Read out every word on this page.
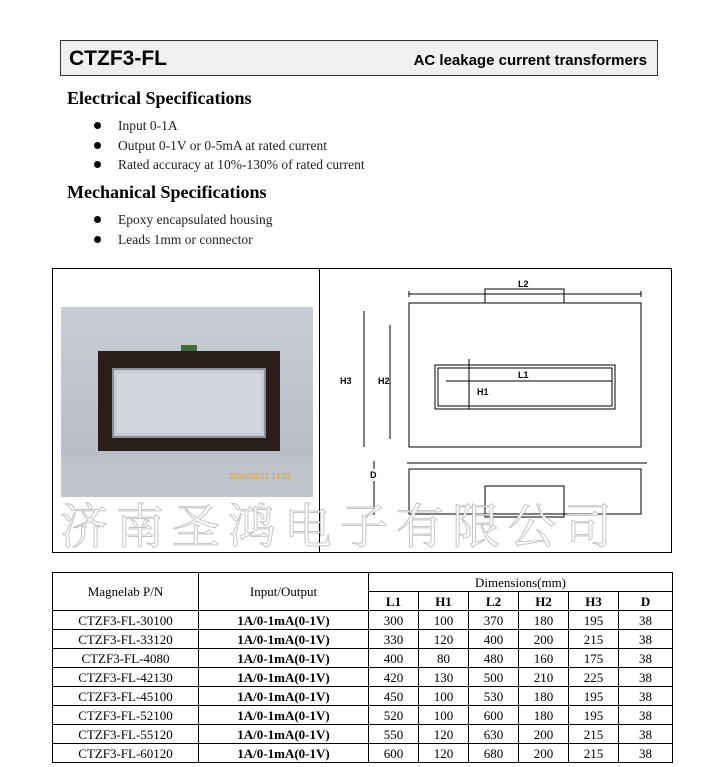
CTZF3-FL	AC leakage current transformers
Electrical Specifications
Input 0-1A
Output 0-1V or 0-5mA at rated current
Rated accuracy at 10%-130% of rated current
Mechanical Specifications
Epoxy encapsulated housing
Leads 1mm or connector
2010/03/27 14:32
L2
L1
H1
H2
H3
D
济南圣鸿电子有限公司
Magnelab P/N	Input/Output	Dimensions(mm)					
		L1	H1	L2	H2	H3	D
CTZF3-FL-30100	1A/0-1mA(0-1V)	300	100	370	180	195	38
CTZF3-FL-33120	1A/0-1mA(0-1V)	330	120	400	200	215	38
CTZF3-FL-4080	1A/0-1mA(0-1V)	400	80	480	160	175	38
CTZF3-FL-42130	1A/0-1mA(0-1V)	420	130	500	210	225	38
CTZF3-FL-45100	1A/0-1mA(0-1V)	450	100	530	180	195	38
CTZF3-FL-52100	1A/0-1mA(0-1V)	520	100	600	180	195	38
CTZF3-FL-55120	1A/0-1mA(0-1V)	550	120	630	200	215	38
CTZF3-FL-60120	1A/0-1mA(0-1V)	600	120	680	200	215	38
